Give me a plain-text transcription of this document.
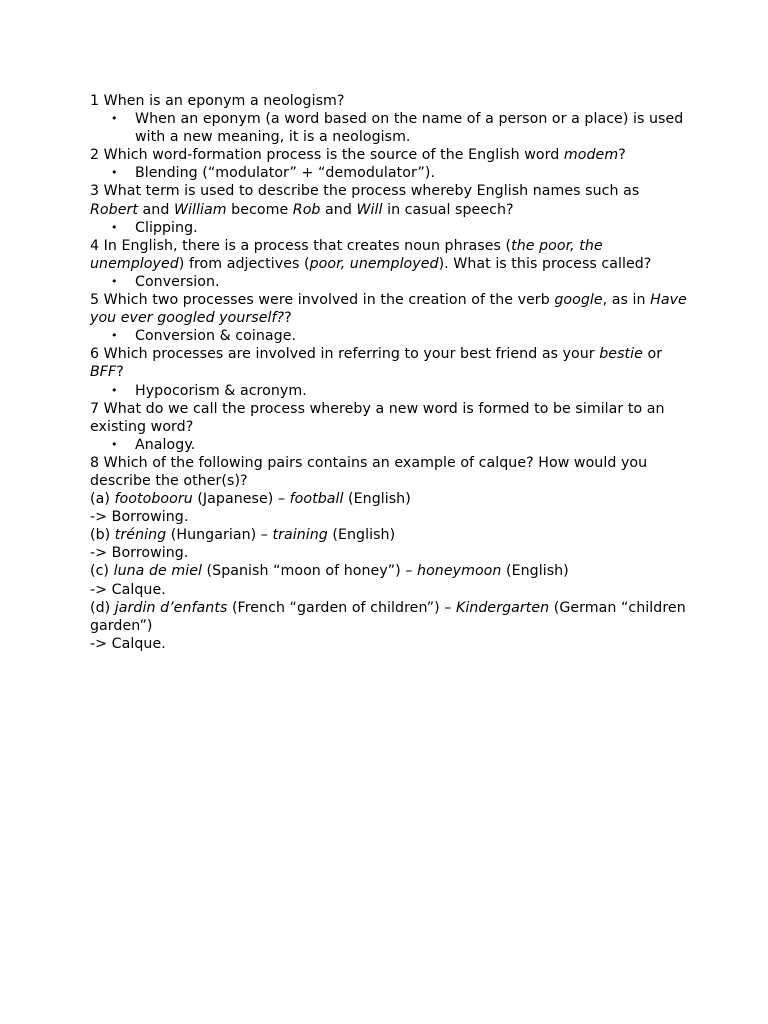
1 When is an eponym a neologism?

• When an eponym (a word based on the name of a person or a place) is used with a new meaning, it is a neologism.

2 Which word-formation process is the source of the English word modem?

• Blending (“modulator” + “demodulator”).

3 What term is used to describe the process whereby English names such as Robert and William become Rob and Will in casual speech?

• Clipping.

4 In English, there is a process that creates noun phrases (the poor, the unemployed) from adjectives (poor, unemployed). What is this process called?

• Conversion.

5 Which two processes were involved in the creation of the verb google, as in Have you ever googled yourself??

• Conversion & coinage.

6 Which processes are involved in referring to your best friend as your bestie or BFF?

• Hypocorism & acronym.

7 What do we call the process whereby a new word is formed to be similar to an existing word?

• Analogy.

8 Which of the following pairs contains an example of calque? How would you describe the other(s)?

(a) footobooru (Japanese) – football (English)

-> Borrowing.

(b) tréning (Hungarian) – training (English)

-> Borrowing.

(c) luna de miel (Spanish “moon of honey”) – honeymoon (English)

-> Calque.

(d) jardin d’enfants (French “garden of children”) – Kindergarten (German “children garden”)

-> Calque.
